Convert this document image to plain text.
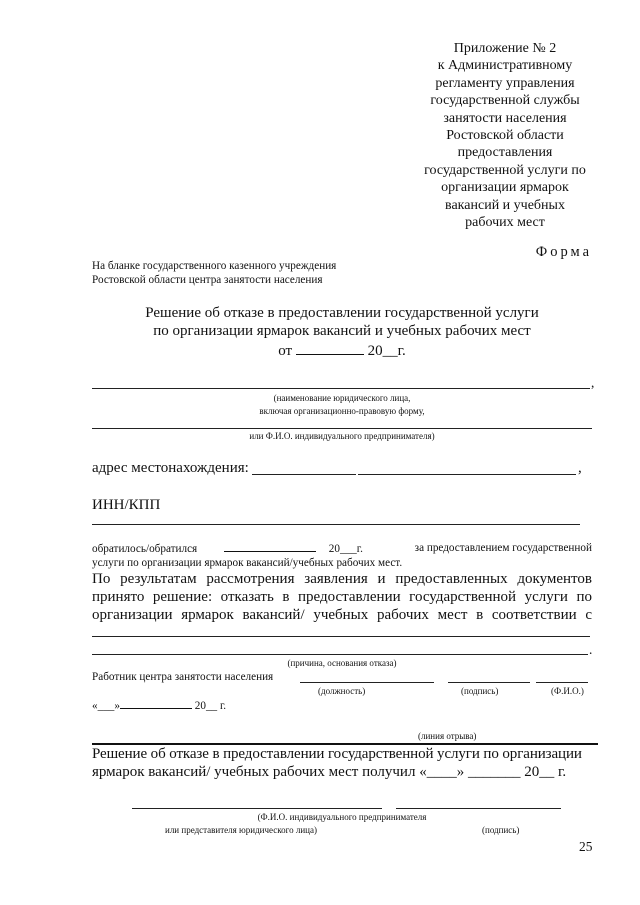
Приложение № 2
к Административному
регламенту управления
государственной службы
занятости населения
Ростовской области
предоставления
государственной услуги по
организации ярмарок
вакансий и учебных
рабочих мест
Форма
На бланке государственного казенного учреждения
Ростовской области центра занятости населения
Решение об отказе в предоставлении государственной услуги
по организации ярмарок вакансий и учебных рабочих мест
от	20__г.
,
(наименование юридического лица,
включая организационно-правовую форму,
или Ф.И.О. индивидуального предпринимателя)
адрес местонахождения:	,
ИНН/КПП
обратилось/обратился	20___г.	за предоставлением государственной
услуги по организации ярмарок вакансий/учебных рабочих мест.
По результатам рассмотрения заявления и предоставленных документов
принято решение: отказать в предоставлении государственной услуги по
организации ярмарок вакансий/ учебных рабочих мест в соответствии с
.
(причина, основания отказа)
Работник центра занятости населения
(должность)	(подпись)	(Ф.И.О.)
«___»	20__ г.
(линия отрыва)
Решение об отказе в предоставлении государственной услуги по организации
ярмарок вакансий/ учебных рабочих мест получил «____» _______ 20__ г.
(Ф.И.О. индивидуального предпринимателя
или представителя юридического лица)	(подпись)
25
